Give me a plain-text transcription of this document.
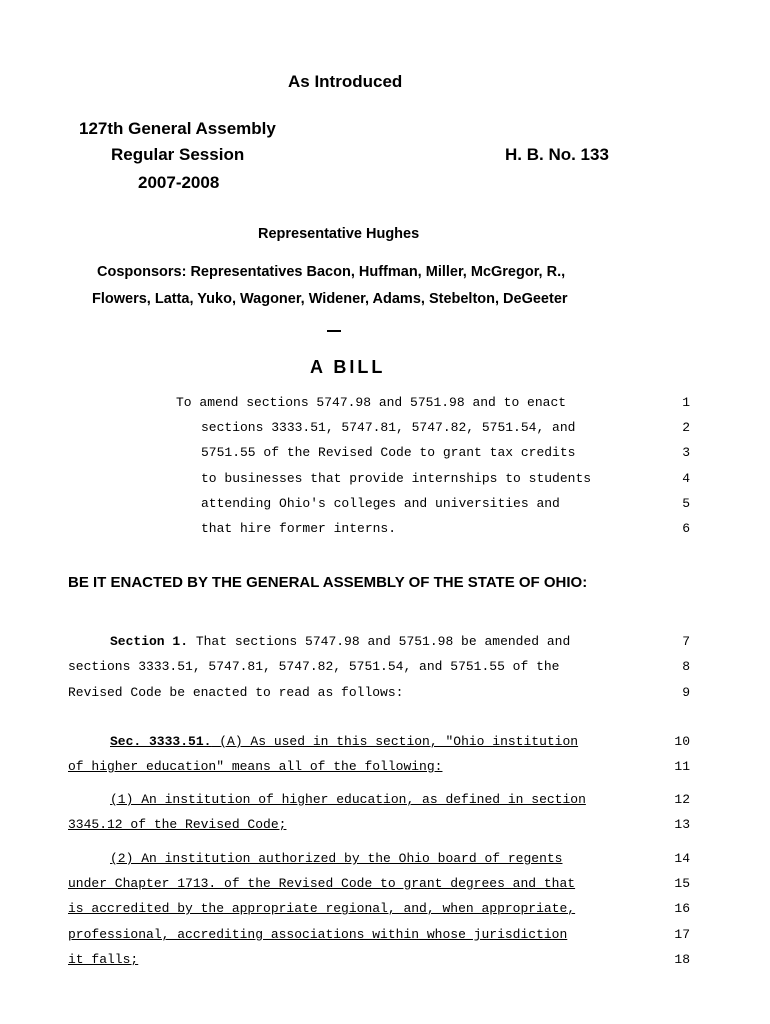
As Introduced
127th General Assembly
Regular Session	H. B. No. 133
2007-2008
Representative Hughes
Cosponsors: Representatives Bacon, Huffman, Miller, McGregor, R.,
Flowers, Latta, Yuko, Wagoner, Widener, Adams, Stebelton, DeGeeter
A BILL
To amend sections 5747.98 and 5751.98 and to enact	1
sections 3333.51, 5747.81, 5747.82, 5751.54, and	2
5751.55 of the Revised Code to grant tax credits	3
to businesses that provide internships to students	4
attending Ohio's colleges and universities and	5
that hire former interns.	6
BE IT ENACTED BY THE GENERAL ASSEMBLY OF THE STATE OF OHIO:
Section 1. That sections 5747.98 and 5751.98 be amended and	7
sections 3333.51, 5747.81, 5747.82, 5751.54, and 5751.55 of the	8
Revised Code be enacted to read as follows:	9
Sec. 3333.51. (A) As used in this section, "Ohio institution	10
of higher education" means all of the following:	11
(1) An institution of higher education, as defined in section	12
3345.12 of the Revised Code;	13
(2) An institution authorized by the Ohio board of regents	14
under Chapter 1713. of the Revised Code to grant degrees and that	15
is accredited by the appropriate regional, and, when appropriate,	16
professional, accrediting associations within whose jurisdiction	17
it falls;	18
